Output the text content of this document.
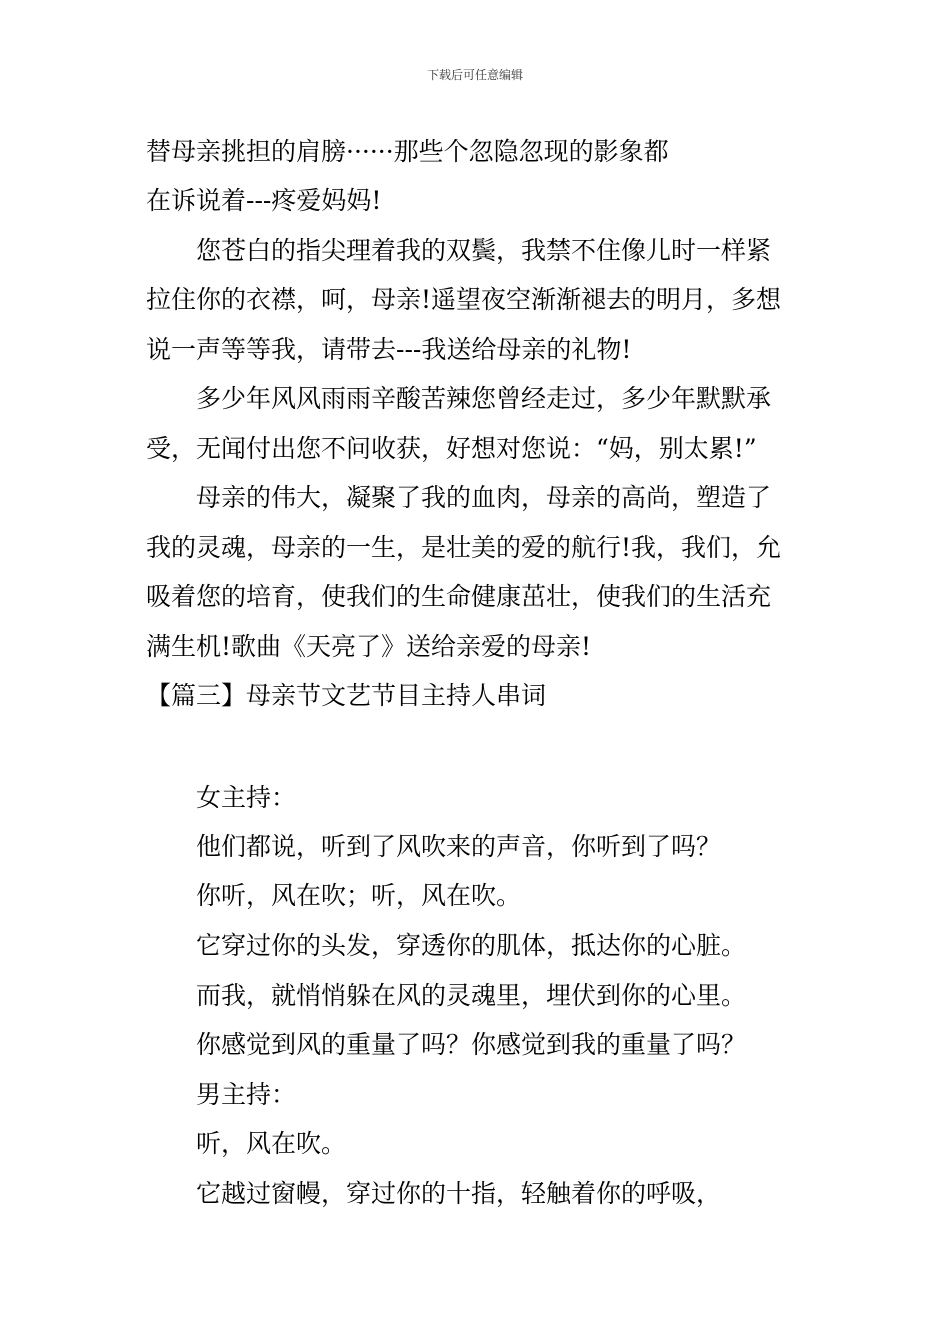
下载后可任意编辑
替母亲挑担的肩膀······那些个忽隐忽现的影象都
在诉说着---疼爱妈妈!
您苍白的指尖理着我的双鬓，我禁不住像儿时一样紧
拉住你的衣襟，呵，母亲!遥望夜空渐渐褪去的明月，多想
说一声等等我，请带去---我送给母亲的礼物!
多少年风风雨雨辛酸苦辣您曾经走过，多少年默默承
受，无闻付出您不问收获，好想对您说：“妈，别太累!”
母亲的伟大，凝聚了我的血肉，母亲的高尚，塑造了
我的灵魂，母亲的一生，是壮美的爱的航行!我，我们，允
吸着您的培育，使我们的生命健康茁壮，使我们的生活充
满生机!歌曲《天亮了》送给亲爱的母亲!
【篇三】母亲节文艺节目主持人串词
女主持：
他们都说，听到了风吹来的声音，你听到了吗？
你听，风在吹；听，风在吹。
它穿过你的头发，穿透你的肌体，抵达你的心脏。
而我，就悄悄躲在风的灵魂里，埋伏到你的心里。
你感觉到风的重量了吗？你感觉到我的重量了吗？
男主持：
听，风在吹。
它越过窗幔，穿过你的十指，轻触着你的呼吸，
